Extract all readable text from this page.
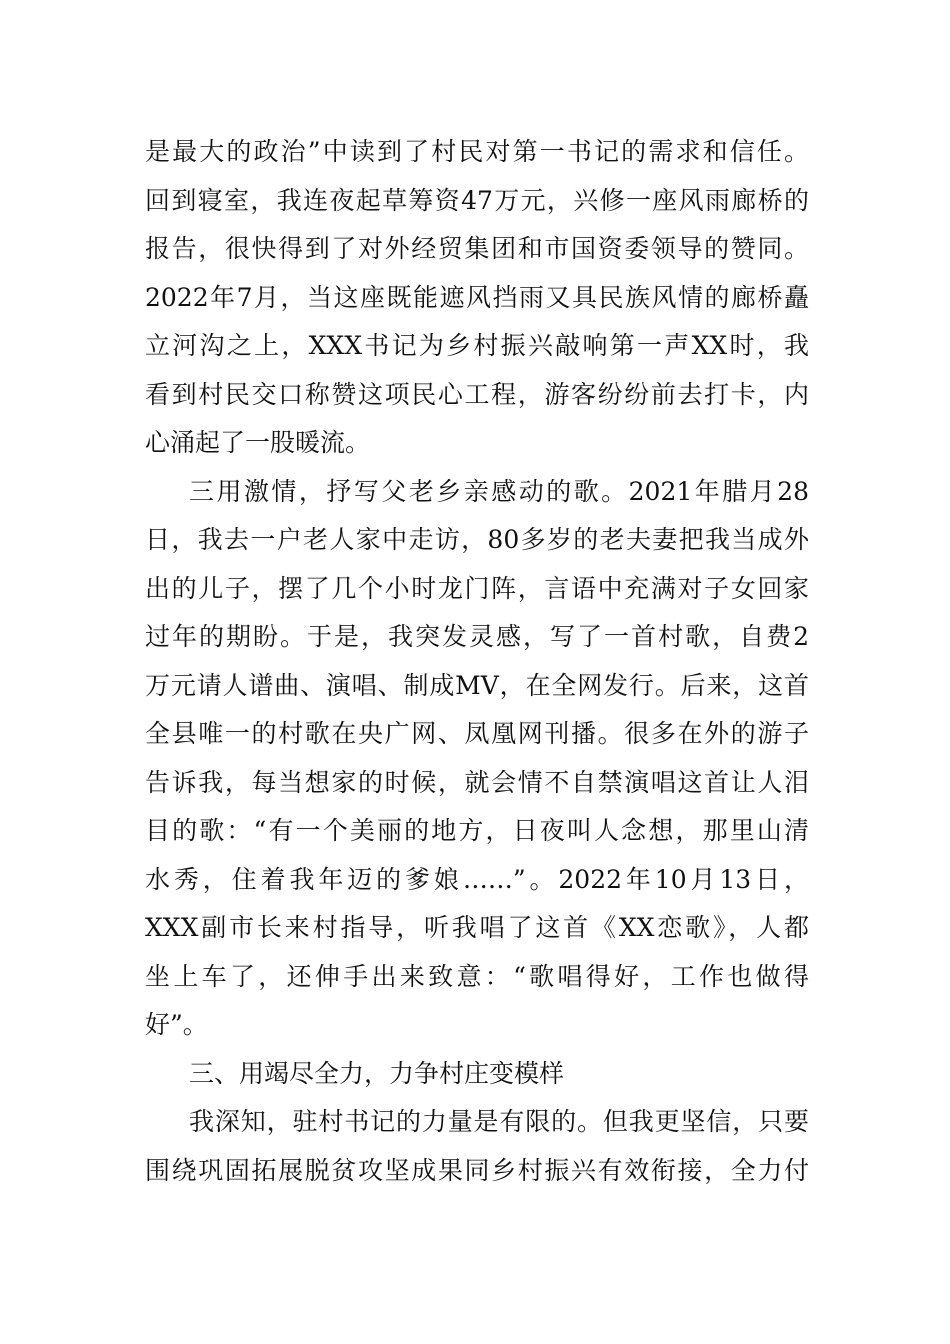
是最大的政治”中读到了村民对第一书记的需求和信任。
回到寝室，我连夜起草筹资47万元，兴修一座风雨廊桥的
报告，很快得到了对外经贸集团和市国资委领导的赞同。
2022年7月，当这座既能遮风挡雨又具民族风情的廊桥矗
立河沟之上，XXX书记为乡村振兴敲响第一声XX时，我
看到村民交口称赞这项民心工程，游客纷纷前去打卡，内
心涌起了一股暖流。
三用激情，抒写父老乡亲感动的歌。2021年腊月28
日，我去一户老人家中走访，80多岁的老夫妻把我当成外
出的儿子，摆了几个小时龙门阵，言语中充满对子女回家
过年的期盼。于是，我突发灵感，写了一首村歌，自费2
万元请人谱曲、演唱、制成MV，在全网发行。后来，这首
全县唯一的村歌在央广网、凤凰网刊播。很多在外的游子
告诉我，每当想家的时候，就会情不自禁演唱这首让人泪
目的歌：“有一个美丽的地方，日夜叫人念想，那里山清
水秀，住着我年迈的爹娘……”。2022年10月13日，
XXX副市长来村指导，听我唱了这首《XX恋歌》，人都
坐上车了，还伸手出来致意：“歌唱得好，工作也做得
好”。
三、用竭尽全力，力争村庄变模样
我深知，驻村书记的力量是有限的。但我更坚信，只要
围绕巩固拓展脱贫攻坚成果同乡村振兴有效衔接，全力付
